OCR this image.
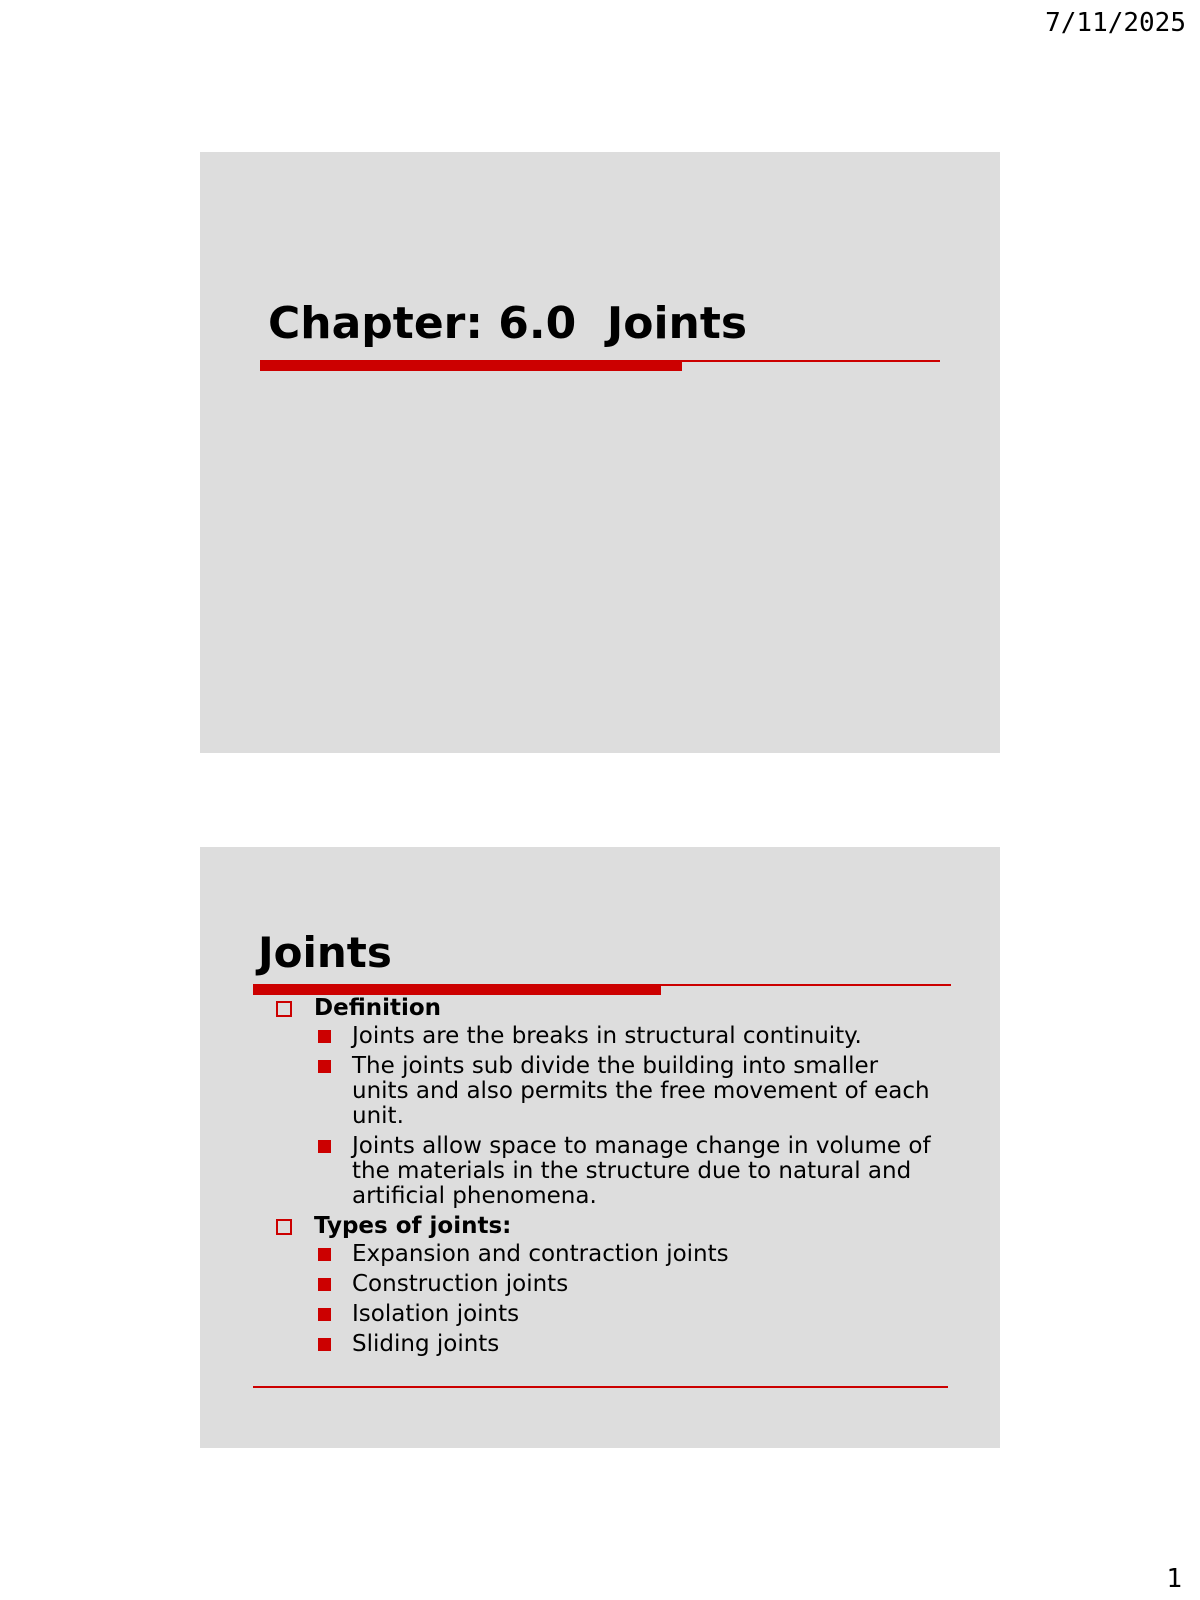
7/11/2025
Chapter: 6.0  Joints
Joints
Definition
Joints are the breaks in structural continuity.
The joints sub divide the building into smaller units and also permits the free movement of each unit.
Joints allow space to manage change in volume of the materials in the structure due to natural and artificial phenomena.
Types of joints:
Expansion and contraction joints
Construction joints
Isolation joints
Sliding joints
1
